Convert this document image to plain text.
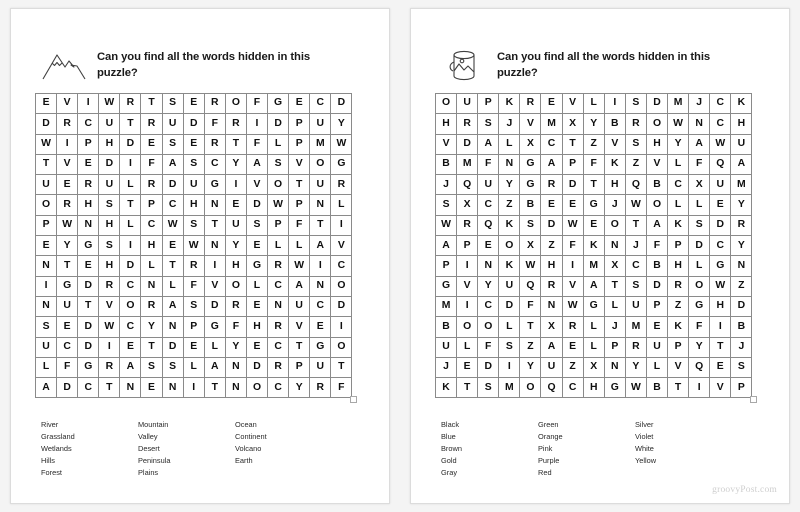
Can you find all the words hidden in this puzzle?
E	V	I	W	R	T	S	E	R	O	F	G	E	C	D
D	R	C	U	T	R	U	D	F	R	I	D	P	U	Y
W	I	P	H	D	E	S	E	R	T	F	L	P	M	W
T	V	E	D	I	F	A	S	C	Y	A	S	V	O	G
U	E	R	U	L	R	D	U	G	I	V	O	T	U	R
O	R	H	S	T	P	C	H	N	E	D	W	P	N	L
P	W	N	H	L	C	W	S	T	U	S	P	F	T	I
E	Y	G	S	I	H	E	W	N	Y	E	L	L	A	V
N	T	E	H	D	L	T	R	I	H	G	R	W	I	C
I	G	D	R	C	N	L	F	V	O	L	C	A	N	O
N	U	T	V	O	R	A	S	D	R	E	N	U	C	D
S	E	D	W	C	Y	N	P	G	F	H	R	V	E	I
U	C	D	I	E	T	D	E	L	Y	E	C	T	G	O
L	F	G	R	A	S	S	L	A	N	D	R	P	U	T
A	D	C	T	N	E	N	I	T	N	O	C	Y	R	F
River
Grassland
Wetlands
Hills
Forest
Mountain
Valley
Desert
Peninsula
Plains
Ocean
Continent
Volcano
Earth
Can you find all the words hidden in this puzzle?
O	U	P	K	R	E	V	L	I	S	D	M	J	C	K
H	R	S	J	V	M	X	Y	B	R	O	W	N	C	H
V	D	A	L	X	C	T	Z	V	S	H	Y	A	W	U
B	M	F	N	G	A	P	F	K	Z	V	L	F	Q	A
J	Q	U	Y	G	R	D	T	H	Q	B	C	X	U	M
S	X	C	Z	B	E	E	G	J	W	O	L	L	E	Y
W	R	Q	K	S	D	W	E	O	T	A	K	S	D	R
A	P	E	O	X	Z	F	K	N	J	F	P	D	C	Y
P	I	N	K	W	H	I	M	X	C	B	H	L	G	N
G	V	Y	U	Q	R	V	A	T	S	D	R	O	W	Z
M	I	C	D	F	N	W	G	L	U	P	Z	G	H	D
B	O	O	L	T	X	R	L	J	M	E	K	F	I	B
U	L	F	S	Z	A	E	L	P	R	U	P	Y	T	J
J	E	D	I	Y	U	Z	X	N	Y	L	V	Q	E	S
K	T	S	M	O	Q	C	H	G	W	B	T	I	V	P
Black
Blue
Brown
Gold
Gray
Green
Orange
Pink
Purple
Red
Silver
Violet
White
Yellow
groovyPost.com
